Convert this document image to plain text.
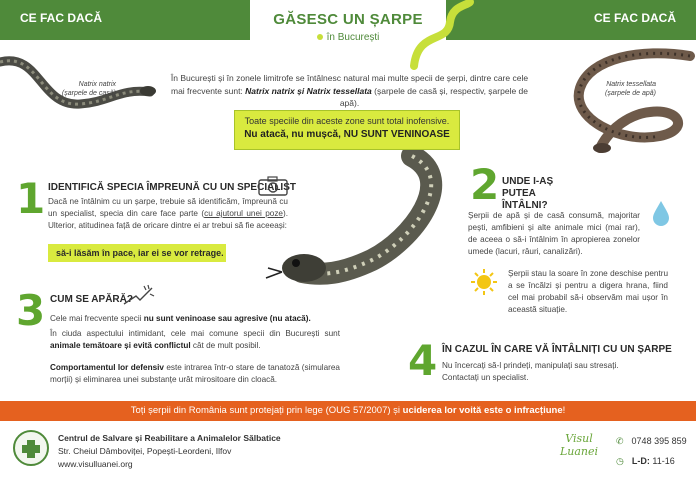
CE FAC DACĂ	CE FAC DACĂ
GĂSESC UN ȘARPE
în București
Natrix natrix
(șarpele de casă)
Natrix tessellata
(șarpele de apă)
În București și în zonele limitrofe se întâlnesc natural mai multe specii de șerpi, dintre care cele mai frecvente sunt: Natrix natrix și Natrix tessellata (șarpele de casă și, respectiv, șarpele de apă).
Toate speciile din aceste zone sunt total inofensive.
Nu atacă, nu mușcă, NU SUNT VENINOASE
1 IDENTIFICĂ SPECIA ÎMPREUNĂ CU UN SPECIALIST
Dacă ne întâlnim cu un șarpe, trebuie să identificăm, împreună cu un specialist, specia din care face parte (cu ajutorul unei poze). Ulterior, atitudinea față de oricare dintre ei ar trebui să fie aceeași:
să-i lăsăm în pace, iar ei se vor retrage.
2 UNDE I-AȘ PUTEA ÎNTÂLNI?
Șerpii de apă și de casă consumă, majoritar pești, amfibieni și alte animale mici (mai rar), de aceea o să-i întâlnim în apropierea zonelor umede (lacuri, râuri, canalizări).
Șerpii stau la soare în zone deschise pentru a se încălzi și pentru a digera hrana, fiind cel mai probabil să-i observăm mai ușor în această situație.
3 CUM SE APĂRĂ?
Cele mai frecvente specii nu sunt veninoase sau agresive (nu atacă).
În ciuda aspectului intimidant, cele mai comune specii din București sunt animale temătoare și evită conflictul cât de mult posibil.
Comportamentul lor defensiv este intrarea într-o stare de tanatoză (simularea morții) și eliminarea unei substanțe urât mirositoare din cloacă.	4 ÎN CAZUL ÎN CARE VĂ ÎNTÂLNIȚI CU UN ȘARPE
Nu încercați să-l prindeți, manipulați sau stresați.
Contactați un specialist.
Toți șerpii din România sunt protejați prin lege (OUG 57/2007) și uciderea lor voită este o infracțiune!
Centrul de Salvare și Reabilitare a Animalelor Sălbatice
Str. Cheiul Dâmboviței, Popești-Leordeni, Ilfov
www.visulluanei.org
Visul
Luanei
✆ 0748 395 859
◷ L-D: 11-16
